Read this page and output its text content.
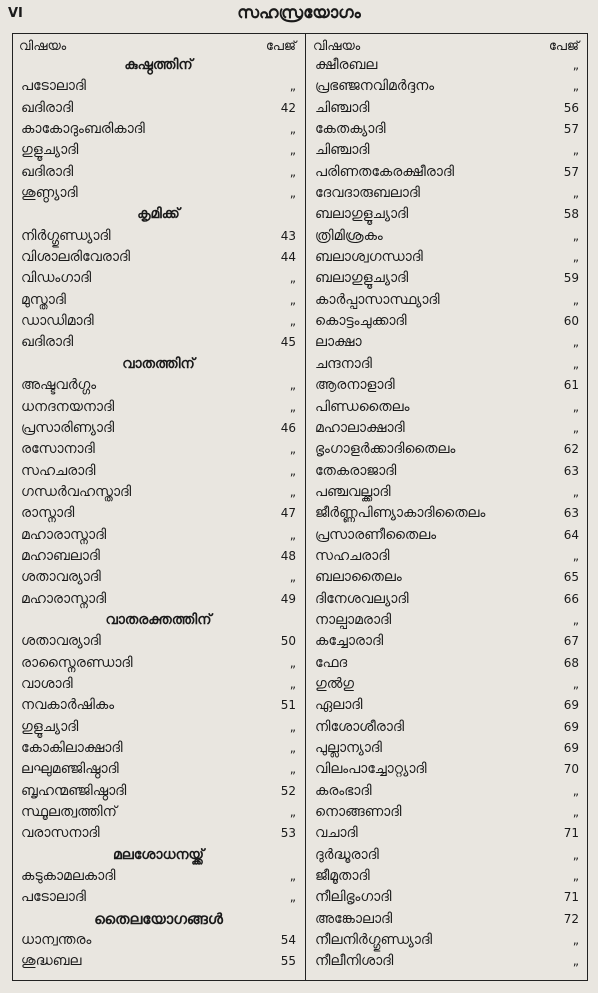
VI	സഹസ്രയോഗം
വിഷയം	പേജ്
കുഷ്ഠത്തിന്
പടോലാദി	„
ഖദിരാദി	42
കാകോദുംബരികാദി	„
ഗുളൂച്യാദി	„
ഖദിരാദി	„
ശുണ്ഠ്യാദി	„
കൃമിക്ക്
നിർഗ്ഗുണ്ഡ്യാദി	43
വിശാലരിവേരാദി	44
വിഡംഗാദി	„
മുസ്താദി	„
ഡാഡിമാദി	„
ഖദിരാദി	45
വാതത്തിന്
അഷ്ടവർഗ്ഗം	„
ധനദനയനാദി	„
പ്രസാരിണ്യാദി	46
രസോനാദി	„
സഹചരാദി	„
ഗന്ധർവഹസ്താദി	„
രാസ്നാദി	47
മഹാരാസ്നാദി	„
മഹാബലാദി	48
ശതാവര്യാദി	„
മഹാരാസ്നാദി	49
വാതരക്തത്തിന്
ശതാവര്യാദി	50
രാസ്നൈരണ്ഡാദി	„
വാശാദി	„
നവകാർഷികം	51
ഗുളൂച്യാദി	„
കോകിലാക്ഷാദി	„
ലഘുമഞ്ജിഷ്ഠാദി	„
ബൃഹന്മഞ്ജിഷ്ഠാദി	52
സ്ഥൂലത്വത്തിന്	„
വരാസനാദി	53
മലശോധനയ്ക്ക്
കടുകാമലകാദി	„
പടോലാദി	„
തൈലയോഗങ്ങൾ
ധാന്വന്തരം	54
ശുദ്ധബല	55
വിഷയം	പേജ്
ക്ഷീരബല	„
പ്രഭഞ്ജനവിമർദ്ദനം	„
ചിഞ്ചാദി	56
കേതക്യാദി	57
ചിഞ്ചാദി	„
പരിണതകേരക്ഷീരാദി	57
ദേവദാരുബലാദി	„
ബലാഗുളൂച്യാദി	58
ത്രിമിശ്രകം	„
ബലാശ്വഗന്ധാദി	„
ബലാഗുളൂച്യാദി	59
കാർപ്പാസാസ്ഥ്യാദി	„
കൊട്ടംചുക്കാദി	60
ലാക്ഷാ	„
ചന്ദനാദി	„
ആരനാളാദി	61
പിണ്ഡതൈലം	„
മഹാലാക്ഷാദി	„
ഭൃംഗാളർക്കാദിതൈലം	62
തേകരാജാദി	63
പഞ്ചവല്ക്കാദി	„
ജീർണ്ണപിണ്യാകാദിതൈലം	63
പ്രസാരണീതൈലം	64
സഹചരാദി	„
ബലാതൈലം	65
ദിനേശവല്യാദി	66
നാല്പാമരാദി	„
കച്ചോരാദി	67
ഫേദ	68
ഗുൽഗു	„
ഏലാദി	69
നിശോശീരാദി	69
പുല്ലാന്യാദി	69
വിലംപാച്ചോറ്റ്യാദി	70
കരംഭാദി	„
നൊങ്ങണാദി	„
വചാദി	71
ദുർദ്ധൂരാദി	„
ജീമൂതാദി	„
നീലിഭൃംഗാദി	71
അങ്കോലാദി	72
നീലനിർഗ്ഗുണ്ഡ്യാദി	„
നീലീനിശാദി	„
